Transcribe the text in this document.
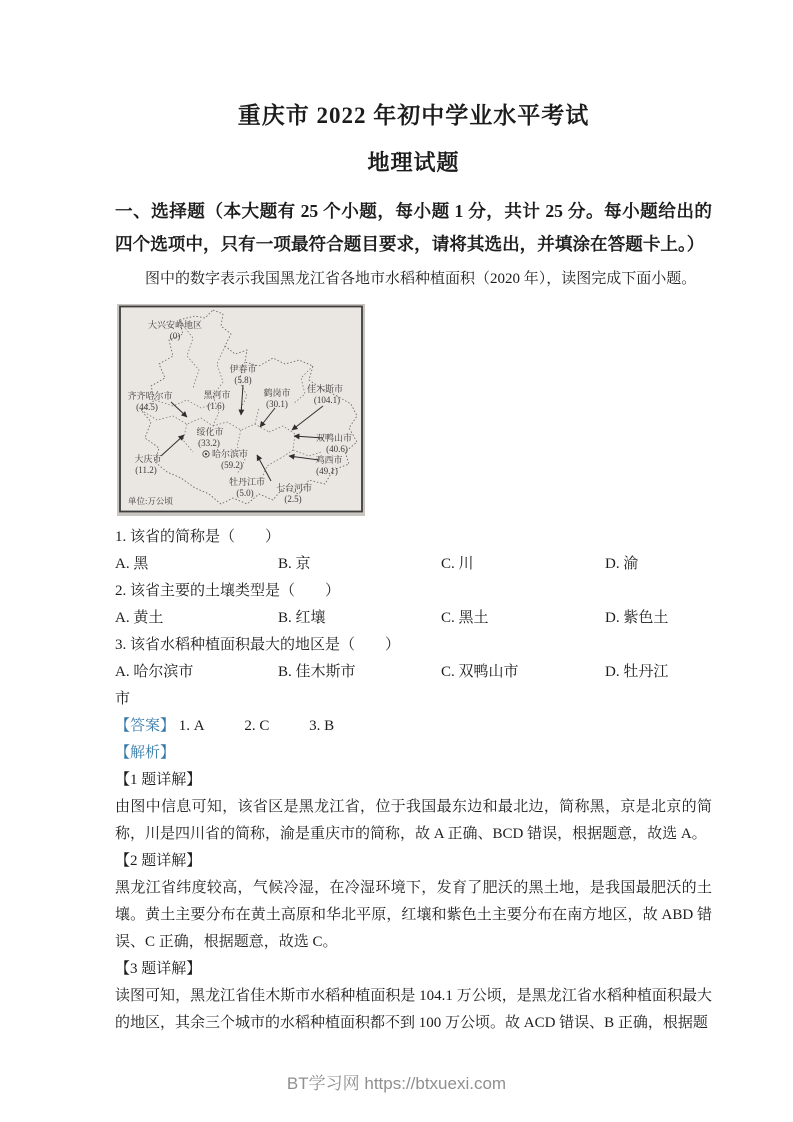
重庆市 2022 年初中学业水平考试
地理试题
一、选择题（本大题有 25 个小题，每小题 1 分，共计 25 分。每小题给出的四个选项中，只有一项最符合题目要求，请将其选出，并填涂在答题卡上。）
图中的数字表示我国黑龙江省各地市水稻种植面积（2020 年），读图完成下面小题。
大兴安岭地区
(0)
伊春市
(5.8)
黑河市
(1.6)
鹤岗市
(30.1)
佳木斯市
(104.1)
齐齐哈尔市
(44.5)
绥化市
(33.2)	双鸭山市
(40.6)
大庆市
(11.2)
哈尔滨市
(59.2)	鸡西市
(49.1)
牡丹江市
(5.0) 七台河市
(2.5)
单位:万公顷
1. 该省的简称是（　　）
A. 黑	B. 京	C. 川	D. 渝
2. 该省主要的土壤类型是（　　）
A. 黄土	B. 红壤	C. 黑土	D. 紫色土
3. 该省水稻种植面积最大的地区是（　　）
A. 哈尔滨市	B. 佳木斯市	C. 双鸭山市	D. 牡丹江
市
【答案】 1. A	2. C	3. B
【解析】
【1 题详解】
由图中信息可知，该省区是黑龙江省，位于我国最东边和最北边，简称黑，京是北京的简称，川是四川省的简称，渝是重庆市的简称，故 A 正确、BCD 错误，根据题意，故选 A。
【2 题详解】
黑龙江省纬度较高，气候冷湿，在冷湿环境下，发育了肥沃的黑土地，是我国最肥沃的土壤。黄土主要分布在黄土高原和华北平原，红壤和紫色土主要分布在南方地区，故 ABD 错误、C 正确，根据题意，故选 C。
【3 题详解】
读图可知，黑龙江省佳木斯市水稻种植面积是 104.1 万公顷，是黑龙江省水稻种植面积最大的地区，其余三个城市的水稻种植面积都不到 100 万公顷。故 ACD 错误、B 正确，根据题
BT学习网 https://btxuexi.com
